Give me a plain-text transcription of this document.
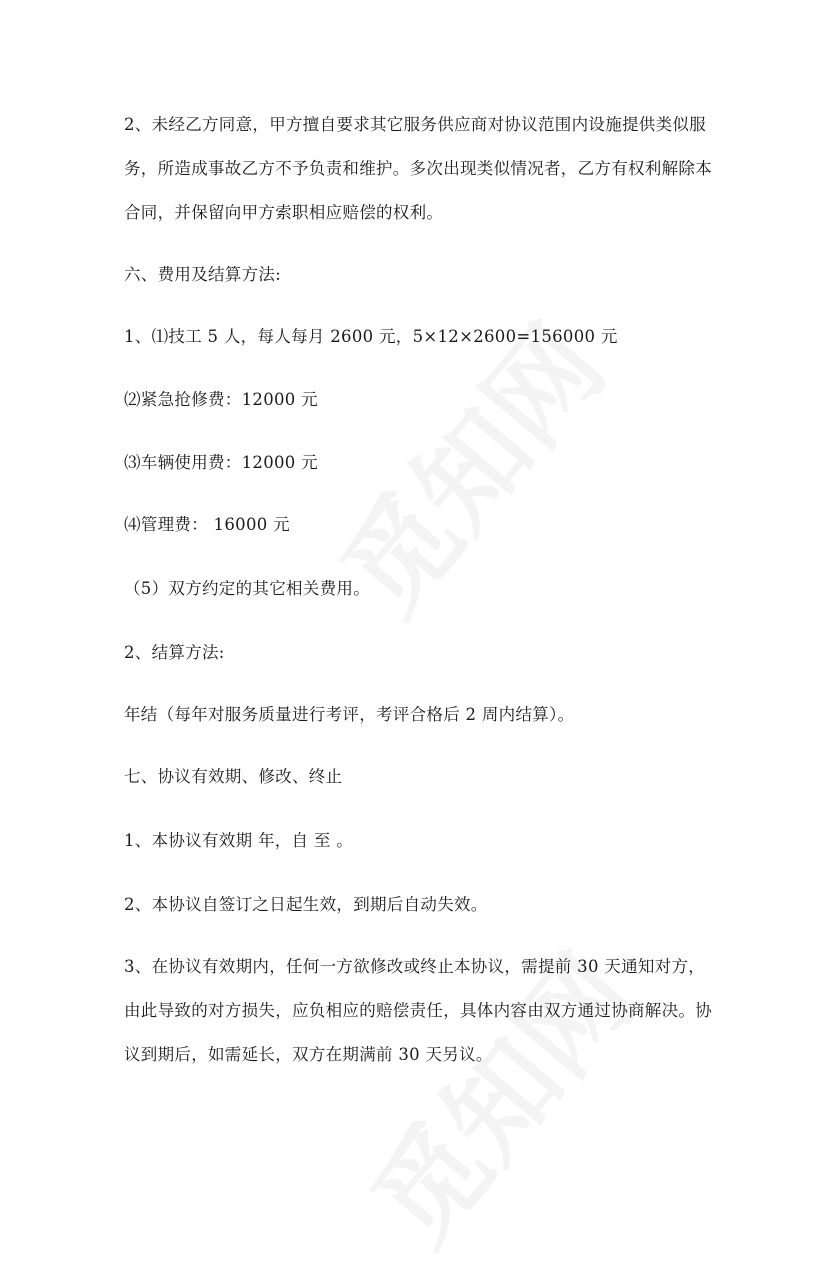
2、未经乙方同意，甲方擅自要求其它服务供应商对协议范围内设施提供类似服
务，所造成事故乙方不予负责和维护。多次出现类似情况者，乙方有权利解除本
合同，并保留向甲方索职相应赔偿的权利。
六、费用及结算方法:
1、⑴技工 5 人，每人每月 2600 元，5×12×2600=156000 元
⑵紧急抢修费：12000 元
⑶车辆使用费：12000 元
⑷管理费： 16000 元
（5）双方约定的其它相关费用。
2、结算方法:
年结（每年对服务质量进行考评，考评合格后 2 周内结算）。
七、协议有效期、修改、终止
1、本协议有效期 年，自 至 。
2、本协议自签订之日起生效，到期后自动失效。
3、在协议有效期内，任何一方欲修改或终止本协议，需提前 30 天通知对方，
由此导致的对方损失，应负相应的赔偿责任，具体内容由双方通过协商解决。协
议到期后，如需延长，双方在期满前 30 天另议。
